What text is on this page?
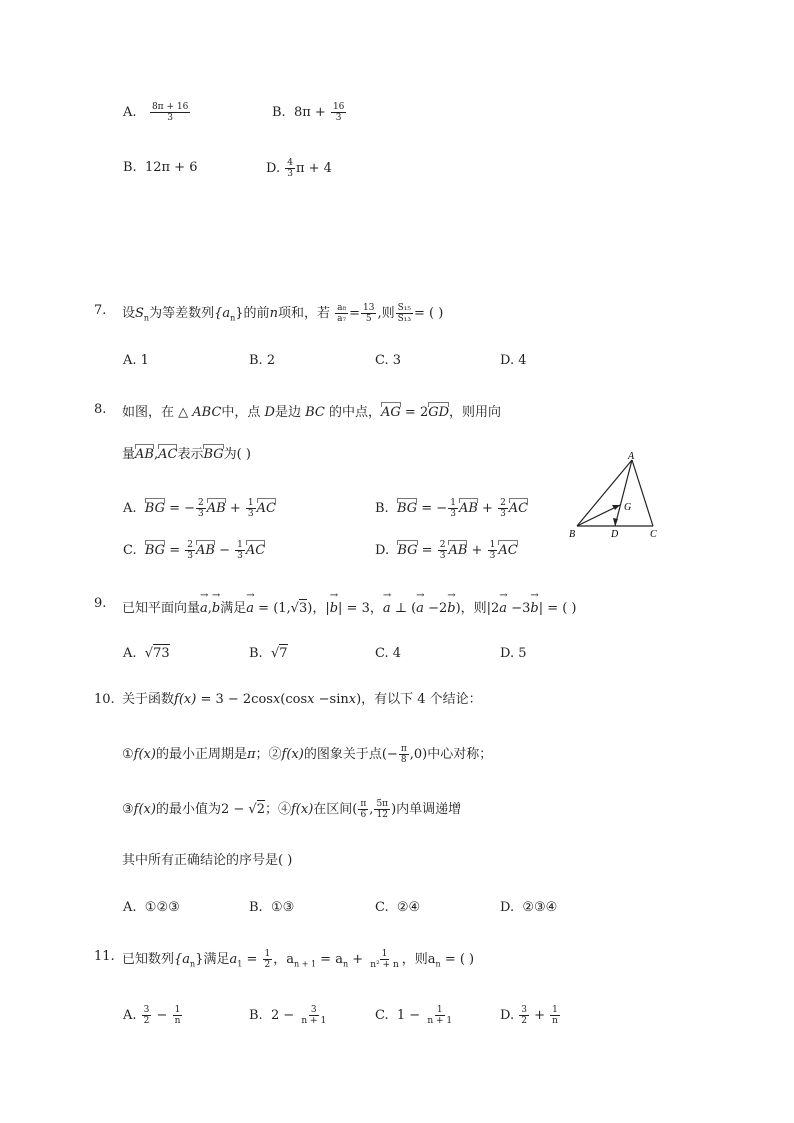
A. $\frac{8\pi + 16}{3}$	B. $8\pi + \frac{16}{3}$
B. 12π + 6	D. $\frac{4}{3}$ π + 4
7. 设$S_n$为等差数列$\{a_n\}$的前n项和，若 $\frac{\text{a₈}}{\text{a₇}} = \frac{13}{5}$ ,则 $\frac{\text{S₁₅}}{\text{S₁₃}}$ = ( )
A. 1	B. 2	C. 3	D. 4
8. 如图，在 △ ABC中，点 D是边 BC 的中点，AG = 2GD，则用向
量AB,AC表示BG为( )
A. BG = − $\frac{2}{3}$ AB + $\frac{1}{3}$ AC	B. BG = − $\frac{1}{3}$ AB + $\frac{2}{3}$ AC
C. BG = $\frac{2}{3}$ AB − $\frac{1}{3}$ AC	D. BG = $\frac{2}{3}$ AB + $\frac{1}{3}$ AC
A
B	C
D
G
9. 已知平面向量→ a,→ b满足→ a = (1,√3)，|→ b| = 3，→ a ⊥ (→ a −2→ b)，则|2→ a −3→ b| = ( )
A.  √73	B.  √7	C. 4	D. 5
10. 关于函数f(x) = 3 − 2cosx(cosx −sinx)，有以下 4 个结论：
①f(x)的最小正周期是π；②f(x)的图象关于点(− $\frac{\pi}{8} ,0$)中心对称；
③f(x)的最小值为2 − √2；④f(x)在区间( $\frac{\pi}{6}$ , $\frac{5\pi}{12}$ )内单调递增
其中所有正确结论的序号是( )
A. ①②③	B. ①③	C. ②④	D. ②③④
11. 已知数列$\{a_n\}$满足$a_1 = \frac{1}{2}$ ，$a_{n + 1} = a_n + \frac{1}{\text{n² + n}}$ ，则$a_n$ = ( )
A. $\frac{3}{2} - \frac{1}{n}$	B. $2 - \frac{3}{n + 1}$	C. $1 - \frac{1}{n + 1}$	D. $\frac{3}{2} + \frac{1}{n}$
